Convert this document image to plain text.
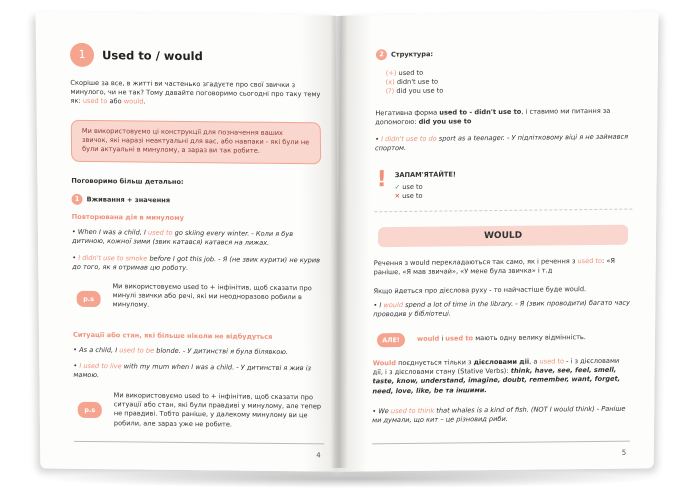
1	Used to / would
Скоріше за все, в житті ви частенько згадуєте про свої звички з минулого, чи не так? Тому давайте поговоримо сьогодні про таку тему як: used to або would.
Ми використовуємо ці конструкції для позначення ваших звичок, які наразі неактуальні для вас, або навпаки - які були не були актуальні в минулому, а зараз ви так робите.
Поговоримо більш детально:
1 Вживання + значення
Повторювана дія в минулому
• When I was a child, I used to go skiing every winter. - Коли я був дитиною, кожної зими (звик катався) катався на лижах.
• I didn't use to smoke before I got this job. - Я (не звик курити) не курив до того, як я отримав цю роботу.
p.s
Ми використовуємо used to + інфінітив, щоб сказати про минулі звички або речі, які ми неодноразово робили в минулому.
Ситуації або стан, які більше ніколи не відбудуться
• As a child, I used to be blonde. - У дитинстві я була білявкою.
• I used to live with my mum when I was a child. - У дитинстві я жив із мамою.
p.s
Ми використовуємо used to + інфінітив, щоб сказати про ситуації або стан, які були правдиві у минулому, але тепер не правдиві. Тобто раніше, у далекому минулому ви це робили, але зараз уже не робите.
4
2 Структура:
(+) used to
(x) didn't use to
(?) did you use to
Негативна форма used to - didn't use to, і ставимо ми питання за допомогою: did you use to
• I didn't use to do sport as a teenager. - У підлітковому віці я не займався спортом.
! ЗАПАМ'ЯТАЙТЕ!
✓ use to
✕ use to
WOULD
Речення з would перекладаються так само, як і речення з used to: «Я раніше, «Я мав звичай», «У мене була звичка» і т.д
Якщо йдеться про дієслова руху - то найчастіше буде would.
• I would spend a lot of time in the library. - Я (звик проводити) багато часу проводив у бібліотеці.
АЛЕ!	would і used to мають одну велику відмінність.
Would поєднується тільки з дієсловами дії, а used to - і з дієсловами дії, і з дієсловами стану (Stative Verbs): think, have, see, feel, smell, taste, know, understand, imagine, doubt, remember, want, forget, need, love, like, be та іншими.
• We used to think that whales is a kind of fish. (NOT I would think) - Раніше ми думали, що кит – це різновид риби.
5
